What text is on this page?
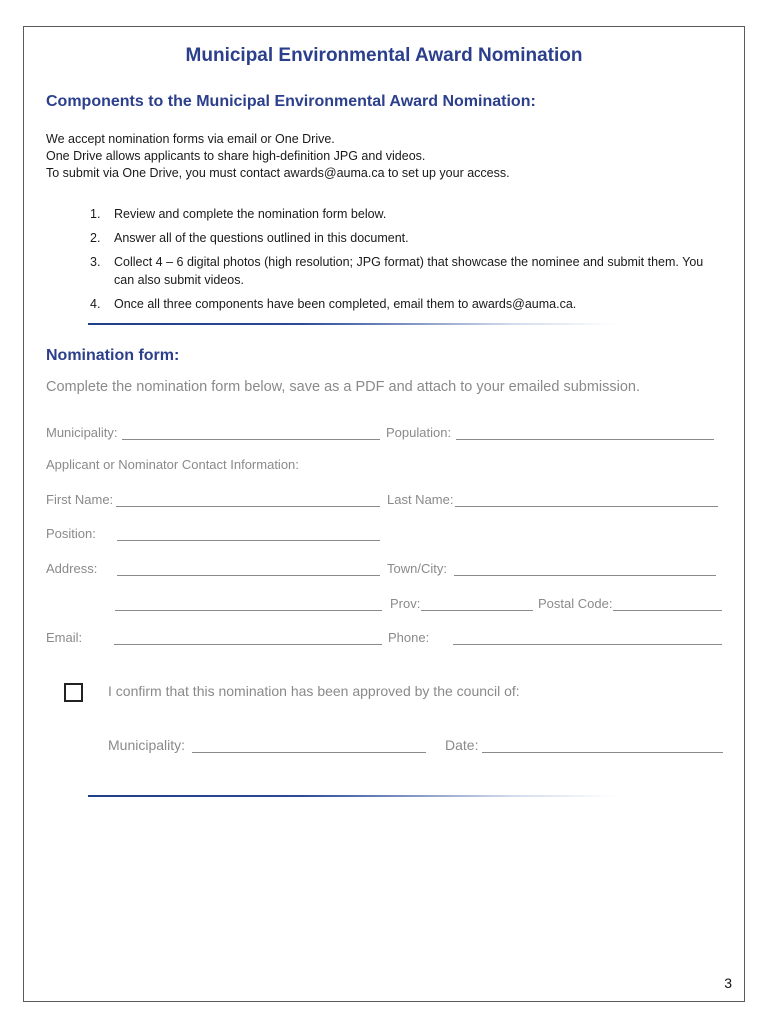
Municipal Environmental Award Nomination
Components to the Municipal Environmental Award Nomination:
We accept nomination forms via email or One Drive.
One Drive allows applicants to share high-definition JPG and videos.
To submit via One Drive, you must contact awards@auma.ca to set up your access.
1.	Review and complete the nomination form below.
2.	Answer all of the questions outlined in this document.
3.	Collect 4 – 6 digital photos (high resolution; JPG format) that showcase the nominee and submit them. You can also submit videos.
4.	Once all three components have been completed, email them to awards@auma.ca.
Nomination form:
Complete the nomination form below, save as a PDF and attach to your emailed submission.
Municipality:	Population:
Applicant or Nominator Contact Information:
First Name:	Last Name:
Position:
Address:	Town/City:
Prov:	Postal Code:
Email:	Phone:
I confirm that this nomination has been approved by the council of:
Municipality:	Date:
3
